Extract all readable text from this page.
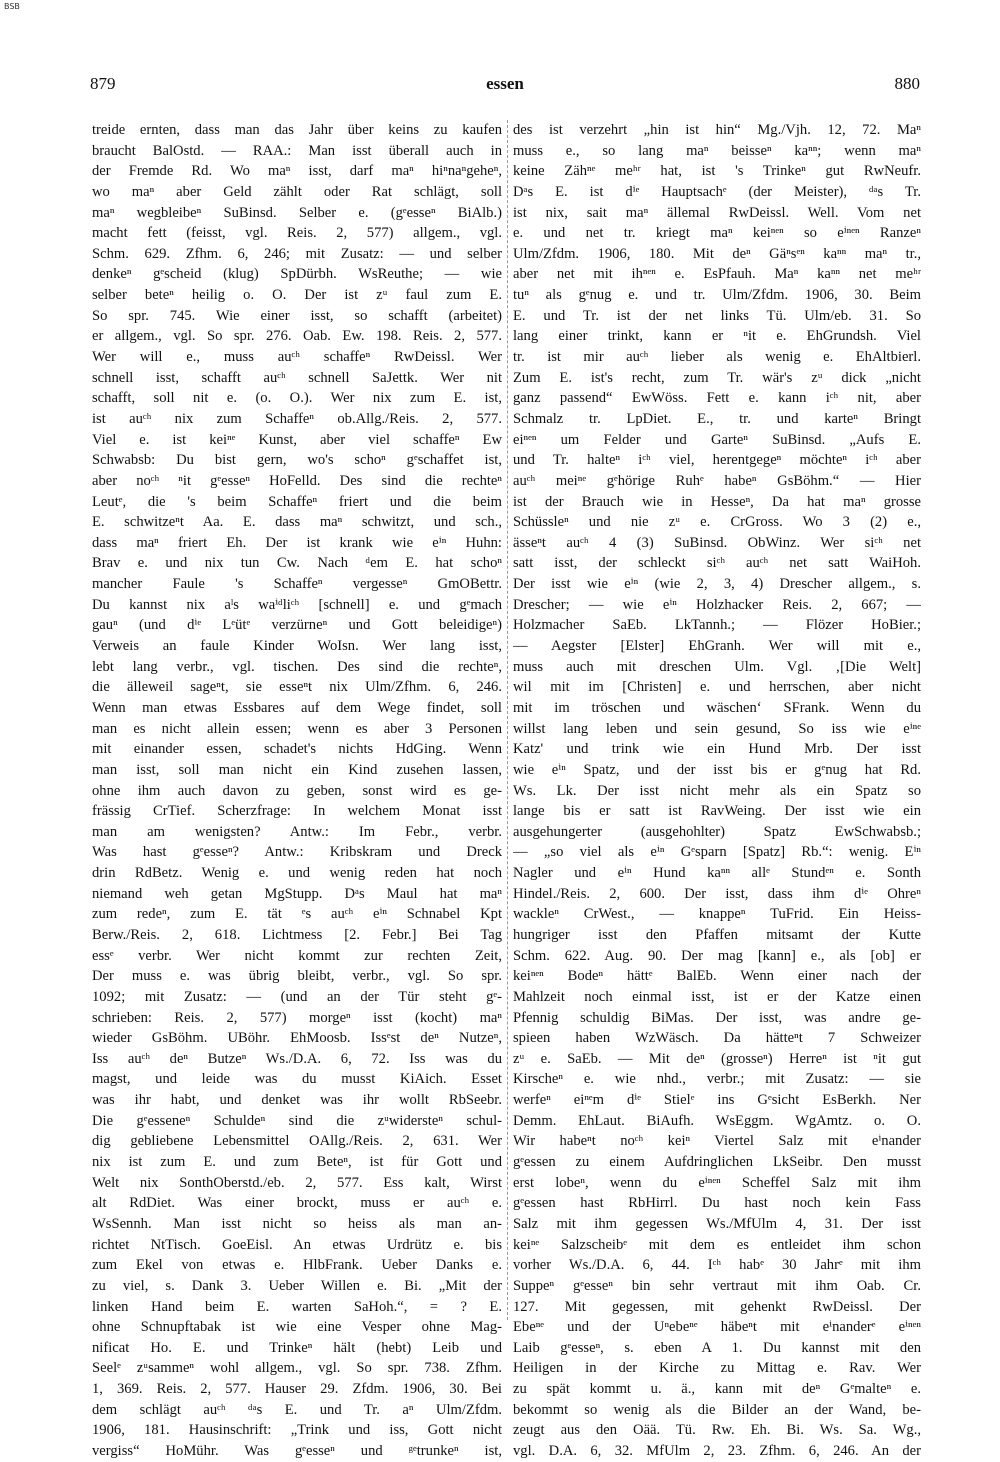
BSB
879	essen	880
treide ernten, dass man das Jahr über keins zu kaufen
braucht BalOstd. — RAA.: Man isst überall auch in
der Fremde Rd. Wo maⁿ isst, darf maⁿ hiⁿnaⁿgeheⁿ,
wo maⁿ aber Geld zählt oder Rat schlägt, soll
maⁿ wegbleibeⁿ SuBinsd. Selber e. (gᵉesseⁿ BiAlb.)
macht fett (feisst, vgl. Reis. 2, 577) allgem., vgl.
Schm. 629. Zfhm. 6, 246; mit Zusatz: — und selber
denkeⁿ gᵉscheid (klug) SpDürbh. WsReuthe; — wie
selber beteⁿ heilig o. O. Der ist zᵘ faul zum E.
So spr. 745. Wie einer isst, so schafft (arbeitet)
er allgem., vgl. So spr. 276. Oab. Ew. 198. Reis. 2, 577.
Wer will e., muss auᶜʰ schaffeⁿ RwDeissl. Wer
schnell isst, schafft auᶜʰ schnell SaJettk. Wer nit
schafft, soll nit e. (o. O.). Wer nix zum E. ist,
ist auᶜʰ nix zum Schaffeⁿ ob.Allg./Reis. 2, 577.
Viel e. ist keiⁿᵉ Kunst, aber viel schaffeⁿ Ew
Schwabsb: Du bist gern, wo's schoⁿ gᵉschaffet ist,
aber noᶜʰ ⁿit gᵉesseⁿ HoFelld. Des sind die rechteⁿ
Leutᵉ, die 's beim Schaffeⁿ friert und die beim
E. schwitzeⁿt Aa. E. dass maⁿ schwitzt, und sch.,
dass maⁿ friert Eh. Der ist krank wie eⁱⁿ Huhn:
Brav e. und nix tun Cw. Nach ᵈem E. hat schoⁿ
mancher Faule 's Schaffeⁿ vergesseⁿ GmOBettr.
Du kannst nix aˡs waⁱᵈliᶜʰ [schnell] e. und gᵉmach
gauⁿ (und dⁱᵉ Lᵉütᵉ verzürneⁿ und Gott beleidigeⁿ)
Verweis an faule Kinder WoIsn. Wer lang isst,
lebt lang verbr., vgl. tischen. Des sind die rechteⁿ,
die älleweil sageⁿt, sie esseⁿt nix Ulm/Zfhm. 6, 246.
Wenn man etwas Essbares auf dem Wege findet, soll
man es nicht allein essen; wenn es aber 3 Personen
mit einander essen, schadet's nichts HdGing. Wenn
man isst, soll man nicht ein Kind zusehen lassen,
ohne ihm auch davon zu geben, sonst wird es ge-
frässig CrTief. Scherzfrage: In welchem Monat isst
man am wenigsten? Antw.: Im Febr., verbr.
Was hast gᵉesseⁿ? Antw.: Kribskram und Dreck
drin RdBetz. Wenig e. und wenig reden hat noch
niemand weh getan MgStupp. Dᵃs Maul hat maⁿ
zum redeⁿ, zum E. tät ᵉs auᶜʰ eⁱⁿ Schnabel Kpt
Berw./Reis. 2, 618. Lichtmess [2. Febr.] Bei Tag
essᵉ verbr. Wer nicht kommt zur rechten Zeit,
Der muss e. was übrig bleibt, verbr., vgl. So spr.
1092; mit Zusatz: — (und an der Tür steht gᵉ-
schrieben: Reis. 2, 577) morgeⁿ isst (kocht) maⁿ
wieder GsBöhm. UBöhr. EhMoosb. Issᵉst deⁿ Nutzeⁿ,
Iss auᶜʰ deⁿ Butzeⁿ Ws./D.A. 6, 72. Iss was du
magst, und leide was du musst KiAich. Esset
was ihr habt, und denket was ihr wollt RbSeebr.
Die gᵉesseneⁿ Schuldeⁿ sind die zᵘwidersteⁿ schul-
dig gebliebene Lebensmittel OAllg./Reis. 2, 631. Wer
nix ist zum E. und zum Beteⁿ, ist für Gott und
Welt nix SonthOberstd./eb. 2, 577. Ess kalt, Wirst
alt RdDiet. Was einer brockt, muss er auᶜʰ e.
WsSennh. Man isst nicht so heiss als man an-
richtet NtTisch. GoeEisl. An etwas Urdrütz e. bis
zum Ekel von etwas e. HlbFrank. Ueber Danks e.
zu viel, s. Dank 3. Ueber Willen e. Bi. „Mit der
linken Hand beim E. warten SaHoh.“, = ? E.
ohne Schnupftabak ist wie eine Vesper ohne Mag-
nificat Ho. E. und Trinkeⁿ hält (hebt) Leib und
Seelᵉ zᵘsammeⁿ wohl allgem., vgl. So spr. 738. Zfhm.
1, 369. Reis. 2, 577. Hauser 29. Zfdm. 1906, 30. Bei
dem schlägt auᶜʰ ᵈᵃs E. und Tr. aⁿ Ulm/Zfdm.
1906, 181. Hausinschrift: „Trink und iss, Gott nicht
vergiss“ HoMühr. Was gᵉesseⁿ und ᵍᵉtrunkeⁿ ist,
des ist verzehrt „hin ist hin“ Mg./Vjh. 12, 72. Maⁿ
muss e., so lang maⁿ beisseⁿ kaⁿⁿ; wenn maⁿ
keine Zähⁿᵉ meʰʳ hat, ist 's Trinkeⁿ gut RwNeufr.
Dᵃs E. ist dⁱᵉ Hauptsachᵉ (der Meister), ᵈᵃs Tr.
ist nix, sait maⁿ ällemal RwDeissl. Well. Vom net
e. und net tr. kriegt maⁿ keiⁿᵉⁿ so eⁱⁿᵉⁿ Ranzeⁿ
Ulm/Zfdm. 1906, 180. Mit deⁿ Gäⁿsᵉⁿ kaⁿⁿ maⁿ tr.,
aber net mit ihⁿᵉⁿ e. EsPfauh. Maⁿ kaⁿⁿ net meʰʳ
tuⁿ als gᵉnug e. und tr. Ulm/Zfdm. 1906, 30. Beim
E. und Tr. ist der net links Tü. Ulm/eb. 31. So
lang einer trinkt, kann er ⁿit e. EhGrundsh. Viel
tr. ist mir auᶜʰ lieber als wenig e. EhAltbierl.
Zum E. ist's recht, zum Tr. wär's zᵘ dick „nicht
ganz passend“ EwWöss. Fett e. kann iᶜʰ nit, aber
Schmalz tr. LpDiet. E., tr. und karteⁿ Bringt
eiⁿᵉⁿ um Felder und Garteⁿ SuBinsd. „Aufs E.
und Tr. halteⁿ iᶜʰ viel, herentgegeⁿ möchteⁿ iᶜʰ aber
auᶜʰ meiⁿᵉ gᵉhörige Ruhᵉ habeⁿ GsBöhm.“ — Hier
ist der Brauch wie in Hesseⁿ, Da hat maⁿ grosse
Schüssleⁿ und nie zᵘ e. CrGross. Wo 3 (2) e.,
ässeⁿt auᶜʰ 4 (3) SuBinsd. ObWinz. Wer siᶜʰ net
satt isst, der schleckt siᶜʰ auᶜʰ net satt WaiHoh.
Der isst wie eⁱⁿ (wie 2, 3, 4) Drescher allgem., s.
Drescher; — wie eⁱⁿ Holzhacker Reis. 2, 667; —
Holzmacher SaEb. LkTannh.; — Flözer HoBier.;
— Aegster [Elster] EhGranh. Wer will mit e.,
muss auch mit dreschen Ulm. Vgl. ‚[Die Welt]
wil mit im [Christen] e. und herrschen, aber nicht
mit im tröschen und wäschen‘ SFrank. Wenn du
willst lang leben und sein gesund, So iss wie eⁱⁿᵉ
Katz' und trink wie ein Hund Mrb. Der isst
wie eⁱⁿ Spatz, und der isst bis er gᵉnug hat Rd.
Ws. Lk. Der isst nicht mehr als ein Spatz so
lange bis er satt ist RavWeing. Der isst wie ein
ausgehungerter (ausgehohlter) Spatz EwSchwabsb.;
— „so viel als eⁱⁿ Gᵉsparn [Spatz] Rb.“: wenig. Eⁱⁿ
Nagler und eⁱⁿ Hund kaⁿⁿ allᵉ Stundᵉⁿ e. Sonth
Hindel./Reis. 2, 600. Der isst, dass ihm dⁱᵉ Ohreⁿ
wackleⁿ CrWest., — knappeⁿ TuFrid. Ein Heiss-
hungriger isst den Pfaffen mitsamt der Kutte
Schm. 622. Aug. 90. Der mag [kann] e., als [ob] er
keiⁿᵉⁿ Bodeⁿ hättᵉ BalEb. Wenn einer nach der
Mahlzeit noch einmal isst, ist er der Katze einen
Pfennig schuldig BiMas. Der isst, was andre ge-
spieen haben WzWäsch. Da hätteⁿt 7 Schweizer
zᵘ e. SaEb. — Mit deⁿ (grosseⁿ) Herreⁿ ist ⁿit gut
Kirscheⁿ e. wie nhd., verbr.; mit Zusatz: — sie
werfeⁿ eiⁿᵉm dⁱᵉ Stielᵉ ins Gᵉsicht EsBerkh. Ner
Demm. EhLaut. BiAufh. WsEggm. WgAmtz. o. O.
Wir habeⁿt noᶜʰ keiⁿ Viertel Salz mit eⁱnander
gᵉessen zu einem Aufdringlichen LkSeibr. Den musst
erst lobeⁿ, wenn du eⁱⁿᵉⁿ Scheffel Salz mit ihm
gᵉessen hast RbHirrl. Du hast noch kein Fass
Salz mit ihm gegessen Ws./MfUlm 4, 31. Der isst
keiⁿᵉ Salzscheibᵉ mit dem es entleidet ihm schon
vorher Ws./D.A. 6, 44. Iᶜʰ habᵉ 30 Jahrᵉ mit ihm
Suppeⁿ gᵉesseⁿ bin sehr vertraut mit ihm Oab. Cr.
127. Mit gegessen, mit gehenkt RwDeissl. Der
Ebeⁿᵉ und der Uⁿebeⁿᵉ häbeⁿt mit eⁱnanderᵉ eⁱⁿᵉⁿ
Laib gᵉesseⁿ, s. eben A 1. Du kannst mit den
Heiligen in der Kirche zu Mittag e. Rav. Wer
zu spät kommt u. ä., kann mit deⁿ Gᵉmalteⁿ e.
bekommt so wenig als die Bilder an der Wand, be-
zeugt aus den Oää. Tü. Rw. Eh. Bi. Ws. Sa. Wg.,
vgl. D.A. 6, 32. MfUlm 2, 23. Zfhm. 6, 246. An der
